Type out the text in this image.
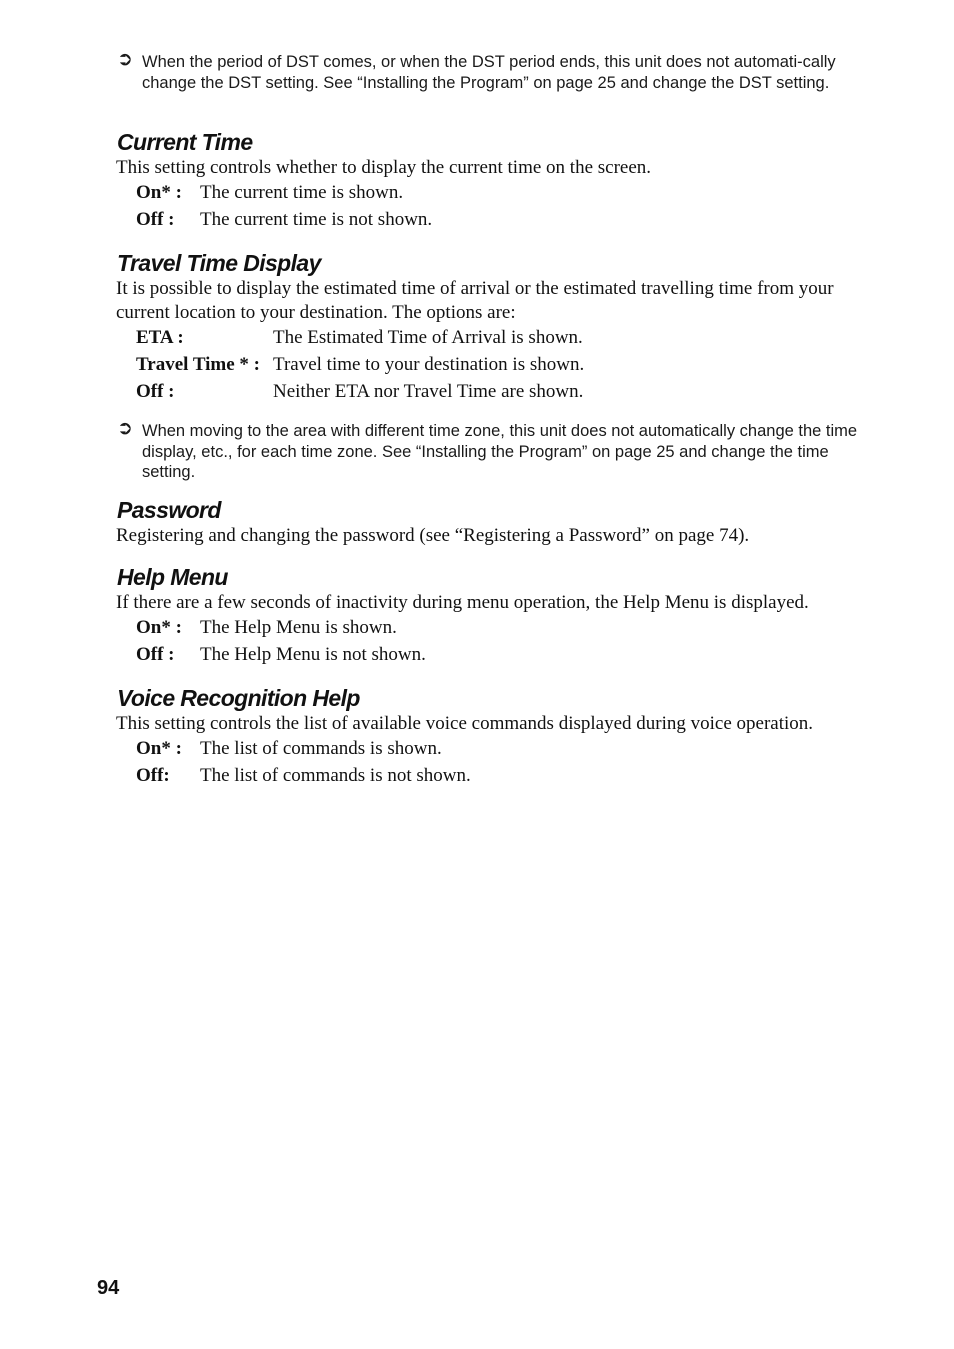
➲ When the period of DST comes, or when the DST period ends, this unit does not automati-cally change the DST setting. See “Installing the Program” on page 25 and change the DST setting.
Current Time

This setting controls whether to display the current time on the screen.

On* : The current time is shown.
Off : The current time is not shown.
Travel Time Display

It is possible to display the estimated time of arrival or the estimated travelling time from your current location to your destination. The options are:

ETA :	The Estimated Time of Arrival is shown.
Travel Time * : Travel time to your destination is shown.
Off :	Neither ETA nor Travel Time are shown.
➲ When moving to the area with different time zone, this unit does not automatically change the time display, etc., for each time zone. See “Installing the Program” on page 25 and change the time setting.
Password

Registering and changing the password (see “Registering a Password” on page 74).

Help Menu

If there are a few seconds of inactivity during menu operation, the Help Menu is displayed.

On* : The Help Menu is shown.
Off : The Help Menu is not shown.
Voice Recognition Help

This setting controls the list of available voice commands displayed during voice operation.

On* : The list of commands is shown.
Off: The list of commands is not shown.
94
